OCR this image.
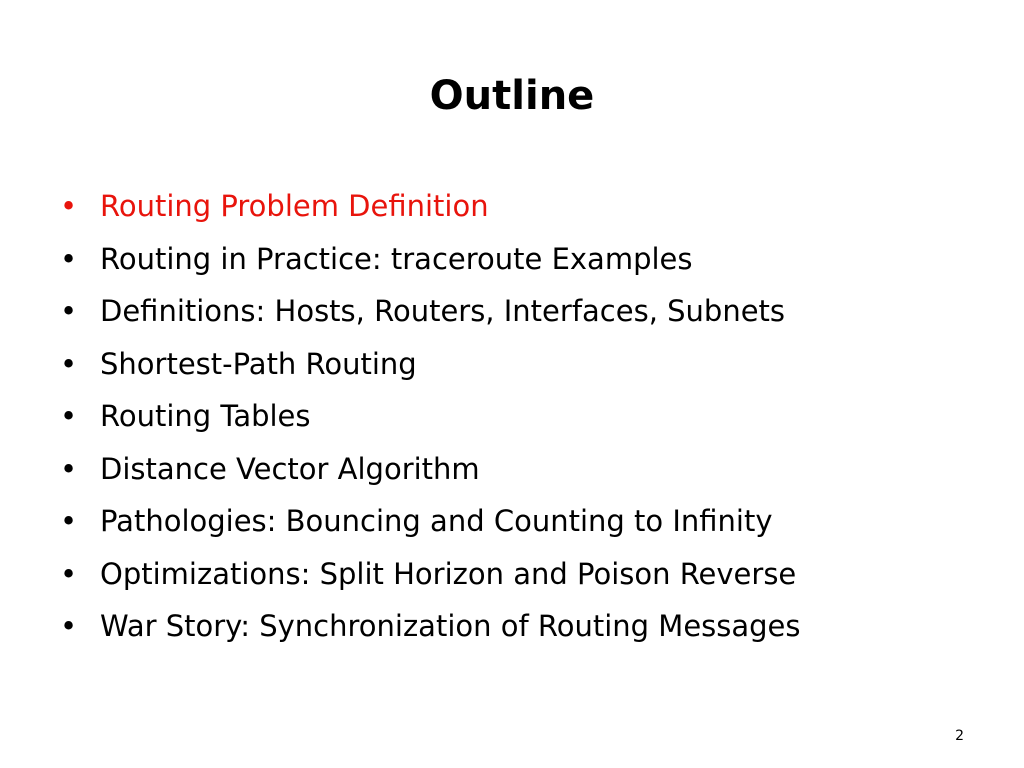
Outline
• Routing Problem Definition
• Routing in Practice: traceroute Examples
• Definitions: Hosts, Routers, Interfaces, Subnets
• Shortest-Path Routing
• Routing Tables
• Distance Vector Algorithm
• Pathologies: Bouncing and Counting to Infinity
• Optimizations: Split Horizon and Poison Reverse
• War Story: Synchronization of Routing Messages
2
